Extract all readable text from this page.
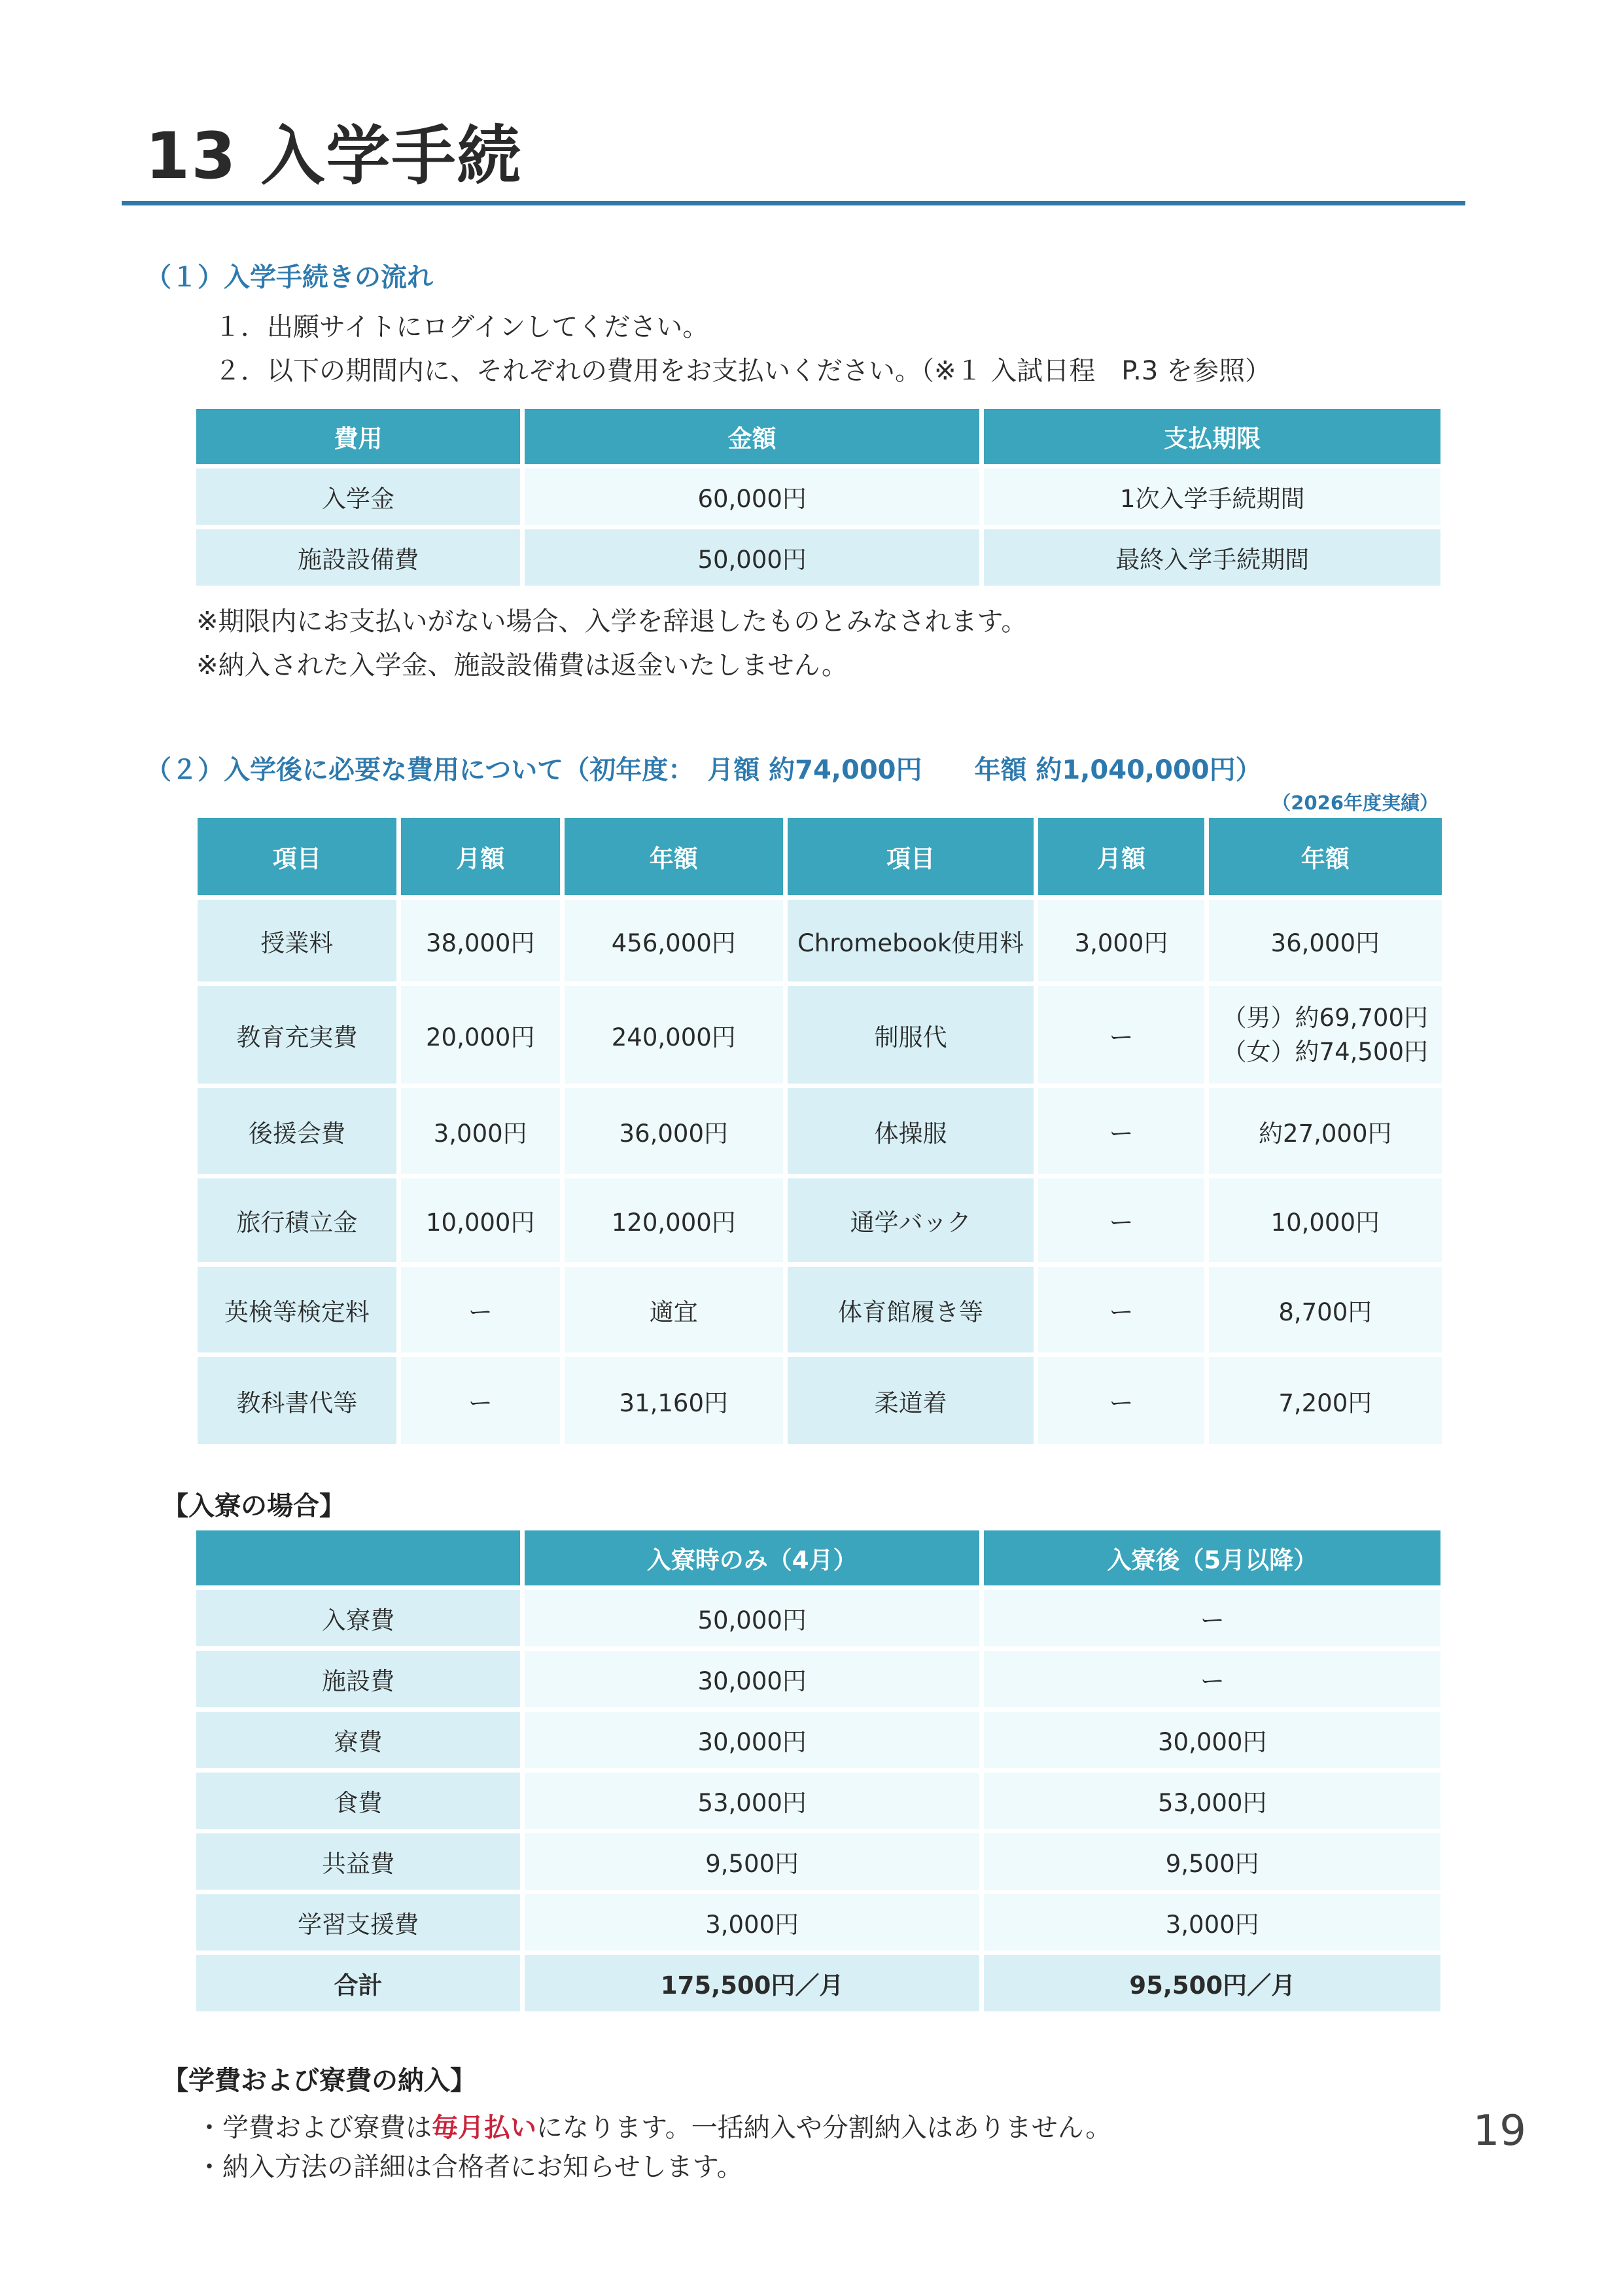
13 入学手続
（１）入学手続きの流れ
１．出願サイトにログインしてください。
２．以下の期間内に、それぞれの費用をお支払いください。（※１ 入試日程　P.3 を参照）
費用	金額	支払期限
入学金	60,000円	1次入学手続期間
施設設備費	50,000円	最終入学手続期間
※期限内にお支払いがない場合、入学を辞退したものとみなされます。
※納入された入学金、施設設備費は返金いたしません。
（２）入学後に必要な費用について（初年度：　月額 約74,000円　　年額 約1,040,000円）
（2026年度実績）
項目	月額	年額	項目	月額	年額
授業料	38,000円	456,000円	Chromebook使用料	3,000円	36,000円
教育充実費	20,000円	240,000円	制服代	ー	（男）約69,700円
（女）約74,500円

後援会費	3,000円	36,000円	体操服	ー	約27,000円
旅行積立金	10,000円	120,000円	通学バック	ー	10,000円
英検等検定料	ー	適宜	体育館履き等	ー	8,700円
教科書代等	ー	31,160円	柔道着	ー	7,200円
【入寮の場合】
	入寮時のみ（4月）	入寮後（5月以降）
入寮費	50,000円	ー
施設費	30,000円	ー
寮費	30,000円	30,000円
食費	53,000円	53,000円
共益費	9,500円	9,500円
学習支援費	3,000円	3,000円
合計	175,500円／月	95,500円／月
【学費および寮費の納入】
・学費および寮費は毎月払いになります。一括納入や分割納入はありません。
・納入方法の詳細は合格者にお知らせします。
19
